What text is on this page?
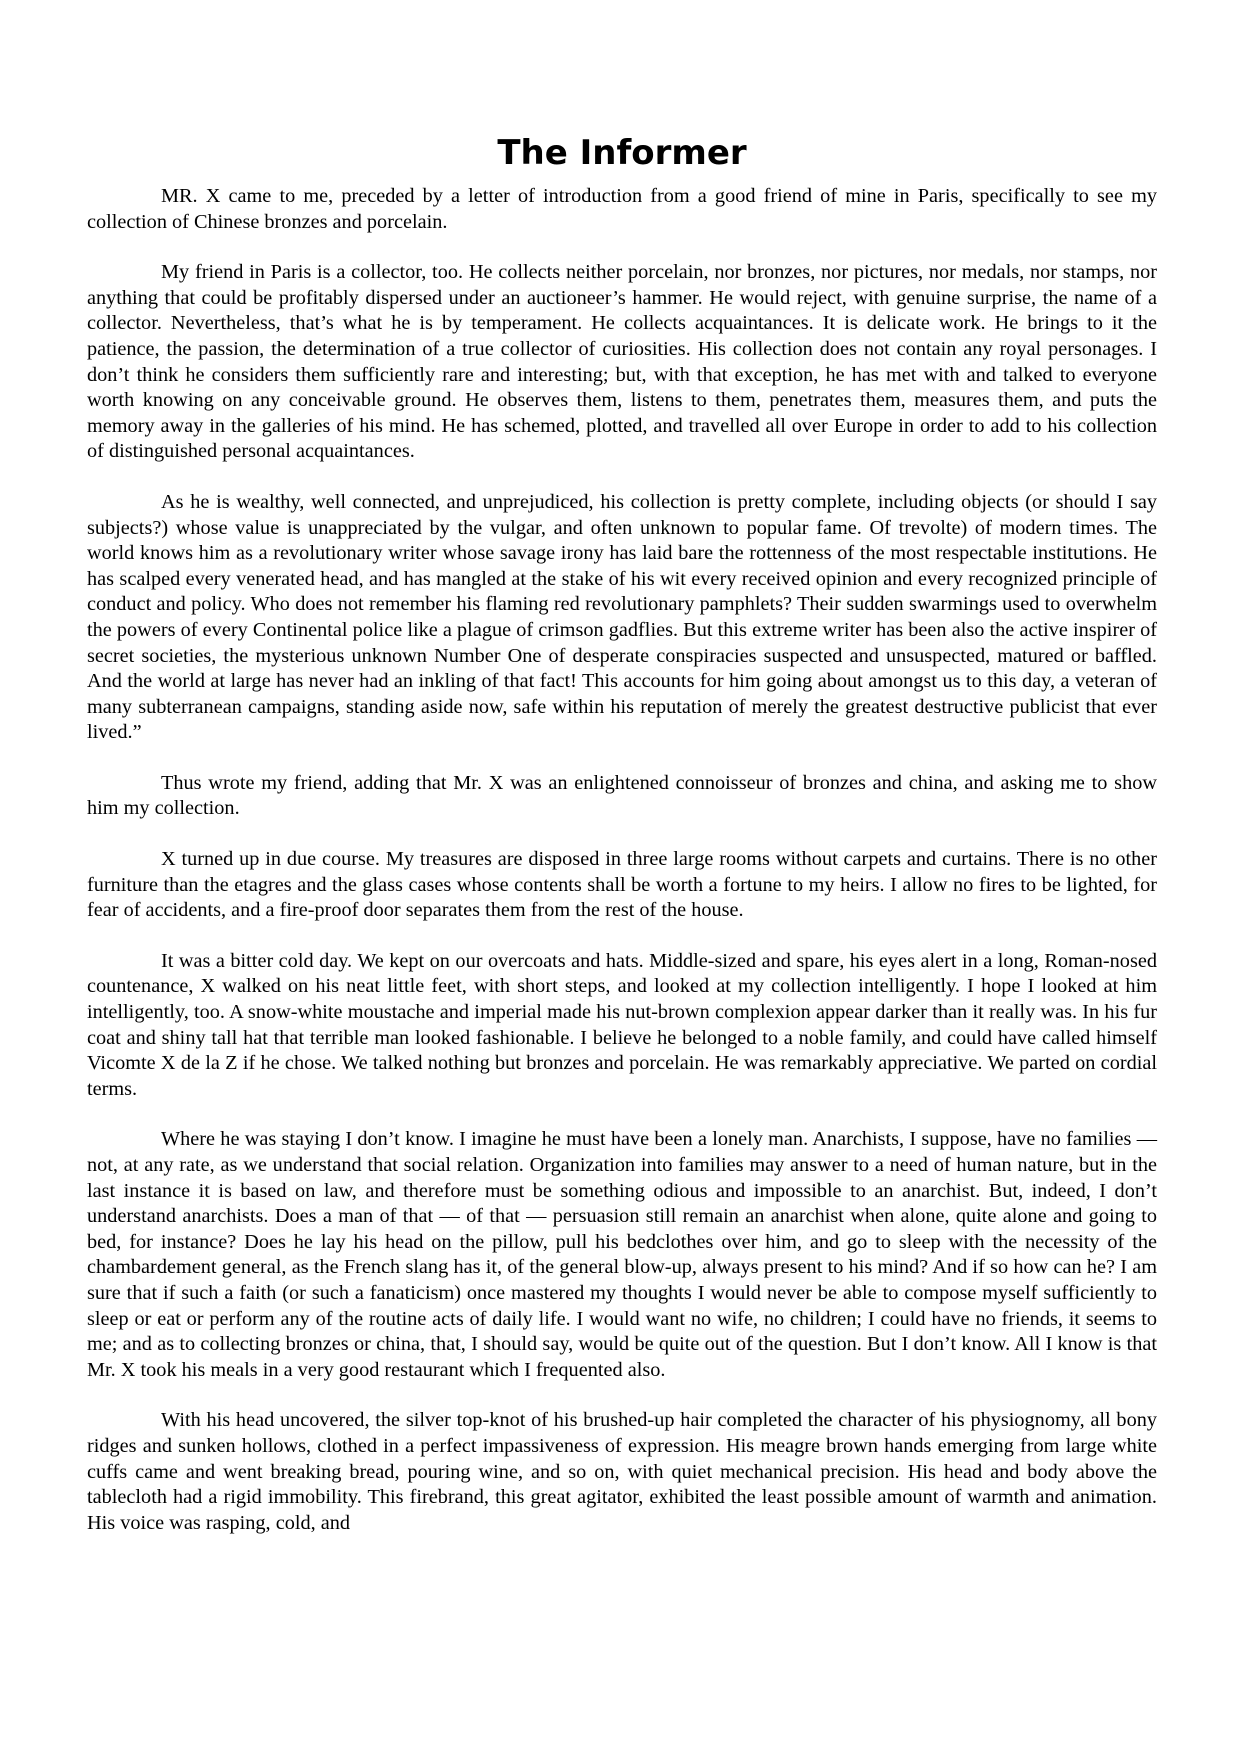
The Informer

MR. X came to me, preceded by a letter of introduction from a good friend of mine in Paris, specifically to see my collection of Chinese bronzes and porcelain.

My friend in Paris is a collector, too. He collects neither porcelain, nor bronzes, nor pictures, nor medals, nor stamps, nor anything that could be profitably dispersed under an auctioneer’s hammer. He would reject, with genuine surprise, the name of a collector. Nevertheless, that’s what he is by temperament. He collects acquaintances. It is delicate work. He brings to it the patience, the passion, the determination of a true collector of curiosities. His collection does not contain any royal personages. I don’t think he considers them sufficiently rare and interesting; but, with that exception, he has met with and talked to everyone worth knowing on any conceivable ground. He observes them, listens to them, penetrates them, measures them, and puts the memory away in the galleries of his mind. He has schemed, plotted, and travelled all over Europe in order to add to his collection of distinguished personal acquaintances.

As he is wealthy, well connected, and unprejudiced, his collection is pretty complete, including objects (or should I say subjects?) whose value is unappreciated by the vulgar, and often unknown to popular fame. Of trevolte) of modern times. The world knows him as a revolutionary writer whose savage irony has laid bare the rottenness of the most respectable institutions. He has scalped every venerated head, and has mangled at the stake of his wit every received opinion and every recognized principle of conduct and policy. Who does not remember his flaming red revolutionary pamphlets? Their sudden swarmings used to overwhelm the powers of every Continental police like a plague of crimson gadflies. But this extreme writer has been also the active inspirer of secret societies, the mysterious unknown Number One of desperate conspiracies suspected and unsuspected, matured or baffled. And the world at large has never had an inkling of that fact! This accounts for him going about amongst us to this day, a veteran of many subterranean campaigns, standing aside now, safe within his reputation of merely the greatest destructive publicist that ever lived.”

Thus wrote my friend, adding that Mr. X was an enlightened connoisseur of bronzes and china, and asking me to show him my collection.

X turned up in due course. My treasures are disposed in three large rooms without carpets and curtains. There is no other furniture than the etagres and the glass cases whose contents shall be worth a fortune to my heirs. I allow no fires to be lighted, for fear of accidents, and a fire-proof door separates them from the rest of the house.

It was a bitter cold day. We kept on our overcoats and hats. Middle-sized and spare, his eyes alert in a long, Roman-nosed countenance, X walked on his neat little feet, with short steps, and looked at my collection intelligently. I hope I looked at him intelligently, too. A snow-white moustache and imperial made his nut-brown complexion appear darker than it really was. In his fur coat and shiny tall hat that terrible man looked fashionable. I believe he belonged to a noble family, and could have called himself Vicomte X de la Z if he chose. We talked nothing but bronzes and porcelain. He was remarkably appreciative. We parted on cordial terms.

Where he was staying I don’t know. I imagine he must have been a lonely man. Anarchists, I suppose, have no families — not, at any rate, as we understand that social relation. Organization into families may answer to a need of human nature, but in the last instance it is based on law, and therefore must be something odious and impossible to an anarchist. But, indeed, I don’t understand anarchists. Does a man of that — of that — persuasion still remain an anarchist when alone, quite alone and going to bed, for instance? Does he lay his head on the pillow, pull his bedclothes over him, and go to sleep with the necessity of the chambardement general, as the French slang has it, of the general blow-up, always present to his mind? And if so how can he? I am sure that if such a faith (or such a fanaticism) once mastered my thoughts I would never be able to compose myself sufficiently to sleep or eat or perform any of the routine acts of daily life. I would want no wife, no children; I could have no friends, it seems to me; and as to collecting bronzes or china, that, I should say, would be quite out of the question. But I don’t know. All I know is that Mr. X took his meals in a very good restaurant which I frequented also.

With his head uncovered, the silver top-knot of his brushed-up hair completed the character of his physiognomy, all bony ridges and sunken hollows, clothed in a perfect impassiveness of expression. His meagre brown hands emerging from large white cuffs came and went breaking bread, pouring wine, and so on, with quiet mechanical precision. His head and body above the tablecloth had a rigid immobility. This firebrand, this great agitator, exhibited the least possible amount of warmth and animation. His voice was rasping, cold, and
